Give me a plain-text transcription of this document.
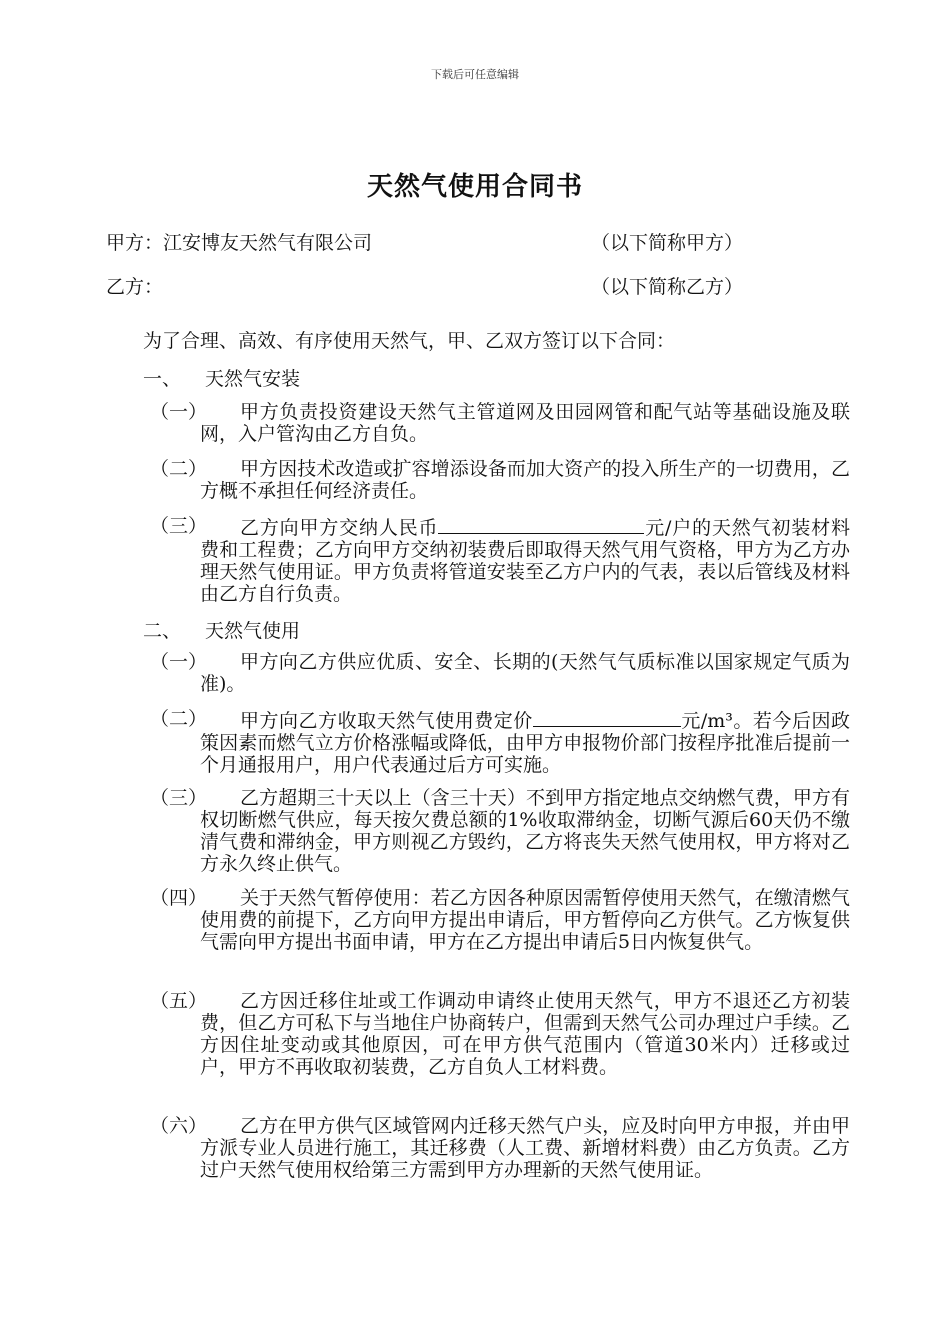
下载后可任意编辑
天然气使用合同书
甲方：江安博友天然气有限公司	（以下简称甲方）
乙方：	（以下简称乙方）
为了合理、高效、有序使用天然气，甲、乙双方签订以下合同：
一、 天然气安装
（一）	甲方负责投资建设天然气主管道网及田园网管和配气站等基础设施及联网，入户管沟由乙方自负。
（二）	甲方因技术改造或扩容增添设备而加大资产的投入所生产的一切费用，乙方概不承担任何经济责任。
（三）	乙方向甲方交纳人民币	元/户的天然气初装材料费和工程费；乙方向甲方交纳初装费后即取得天然气用气资格，甲方为乙方办理天然气使用证。甲方负责将管道安装至乙方户内的气表，表以后管线及材料由乙方自行负责。
二、 天然气使用
（一）	甲方向乙方供应优质、安全、长期的(天然气气质标准以国家规定气质为准)。
（二）	甲方向乙方收取天然气使用费定价	元/m³。若今后因政策因素而燃气立方价格涨幅或降低，由甲方申报物价部门按程序批准后提前一个月通报用户，用户代表通过后方可实施。
（三）	乙方超期三十天以上（含三十天）不到甲方指定地点交纳燃气费，甲方有权切断燃气供应，每天按欠费总额的1%收取滞纳金，切断气源后60天仍不缴清气费和滞纳金，甲方则视乙方毁约，乙方将丧失天然气使用权，甲方将对乙方永久终止供气。
（四）	关于天然气暂停使用：若乙方因各种原因需暂停使用天然气，在缴清燃气使用费的前提下，乙方向甲方提出申请后，甲方暂停向乙方供气。乙方恢复供气需向甲方提出书面申请，甲方在乙方提出申请后5日内恢复供气。
（五）	乙方因迁移住址或工作调动申请终止使用天然气，甲方不退还乙方初装费，但乙方可私下与当地住户协商转户，但需到天然气公司办理过户手续。乙方因住址变动或其他原因，可在甲方供气范围内（管道30米内）迁移或过户，甲方不再收取初装费，乙方自负人工材料费。
（六）	乙方在甲方供气区域管网内迁移天然气户头，应及时向甲方申报，并由甲方派专业人员进行施工，其迁移费（人工费、新增材料费）由乙方负责。乙方过户天然气使用权给第三方需到甲方办理新的天然气使用证。
